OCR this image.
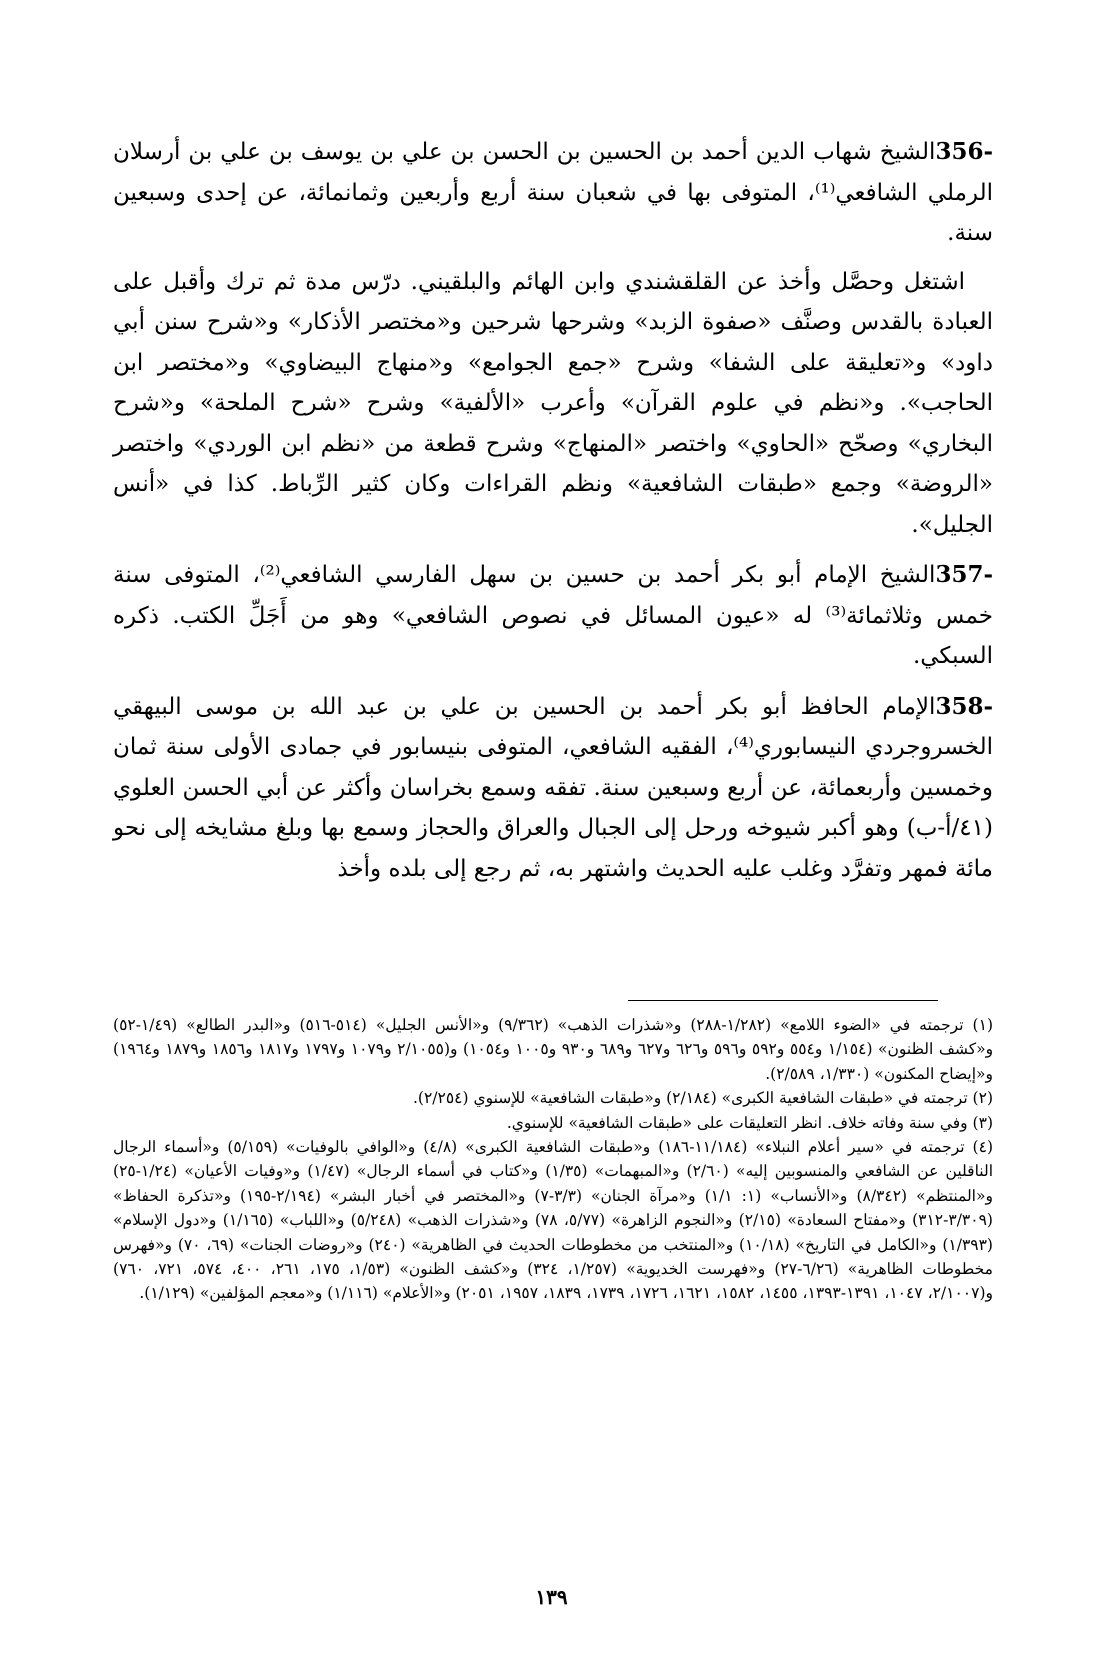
356-الشيخ شهاب الدين أحمد بن الحسين بن الحسن بن علي بن يوسف بن علي بن أرسلان الرملي الشافعي⁽¹⁾، المتوفى بها في شعبان سنة أربع وأربعين وثمانمائة، عن إحدى وسبعين سنة.

اشتغل وحصَّل وأخذ عن القلقشندي وابن الهائم والبلقيني. درّس مدة ثم ترك وأقبل على العبادة بالقدس وصنَّف «صفوة الزبد» وشرحها شرحين و«مختصر الأذكار» و«شرح سنن أبي داود» و«تعليقة على الشفا» وشرح «جمع الجوامع» و«منهاج البيضاوي» و«مختصر ابن الحاجب». و«نظم في علوم القرآن» وأعرب «الألفية» وشرح «شرح الملحة» و«شرح البخاري» وصحّح «الحاوي» واختصر «المنهاج» وشرح قطعة من «نظم ابن الوردي» واختصر «الروضة» وجمع «طبقات الشافعية» ونظم القراءات وكان كثير الرِّباط. كذا في «أنس الجليل».

357-الشيخ الإمام أبو بكر أحمد بن حسين بن سهل الفارسي الشافعي⁽²⁾، المتوفى سنة خمس وثلاثمائة⁽³⁾ له «عيون المسائل في نصوص الشافعي» وهو من أَجَلِّ الكتب. ذكره السبكي.

358-الإمام الحافظ أبو بكر أحمد بن الحسين بن علي بن عبد الله بن موسى البيهقي الخسروجردي النيسابوري⁽⁴⁾، الفقيه الشافعي، المتوفى بنيسابور في جمادى الأولى سنة ثمان وخمسين وأربعمائة، عن أربع وسبعين سنة. تفقه وسمع بخراسان وأكثر عن أبي الحسن العلوي (٤١/أ-ب) وهو أكبر شيوخه ورحل إلى الجبال والعراق والحجاز وسمع بها وبلغ مشايخه إلى نحو مائة فمهر وتفرَّد وغلب عليه الحديث واشتهر به، ثم رجع إلى بلده وأخذ

(١) ترجمته في «الضوء اللامع» (١/٢٨٢-٢٨٨) و«شذرات الذهب» (٩/٣٦٢) و«الأنس الجليل» (٥١٤-٥١٦) و«البدر الطالع» (١/٤٩-٥٢) و«كشف الظنون» (١/١٥٤ و٥٥٤ و٥٩٢ و٥٩٦ و٦٢٦ و٦٢٧ و٦٨٩ و٩٣٠ و١٠٠٥ و١٠٥٤) و(٢/١٠٥٥ و١٠٧٩ و١٧٩٧ و١٨١٧ و١٨٥٦ و١٨٧٩ و١٩٦٤) و«إيضاح المكنون» (١/٣٣٠، ٢/٥٨٩).

(٢) ترجمته في «طبقات الشافعية الكبرى» (٢/١٨٤) و«طبقات الشافعية» للإسنوي (٢/٢٥٤).

(٣) وفي سنة وفاته خلاف. انظر التعليقات على «طبقات الشافعية» للإسنوي.

(٤) ترجمته في «سير أعلام النبلاء» (١١/١٨٤-١٨٦) و«طبقات الشافعية الكبرى» (٤/٨) و«الوافي بالوفيات» (٥/١٥٩) و«أسماء الرجال الناقلين عن الشافعي والمنسوبين إليه» (٢/٦٠) و«المبهمات» (١/٣٥) و«كتاب في أسماء الرجال» (١/٤٧) و«وفيات الأعيان» (١/٢٤-٢٥) و«المنتظم» (٨/٣٤٢) و«الأنساب» (١: ١/١) و«مرآة الجنان» (٣/٣-٧) و«المختصر في أخبار البشر» (٢/١٩٤-١٩٥) و«تذكرة الحفاظ» (٣/٣٠٩-٣١٢) و«مفتاح السعادة» (٢/١٥) و«النجوم الزاهرة» (٥/٧٧، ٧٨) و«شذرات الذهب» (٥/٢٤٨) و«اللباب» (١/١٦٥) و«دول الإسلام» (١/٣٩٣) و«الكامل في التاريخ» (١٠/١٨) و«المنتخب من مخطوطات الحديث في الظاهرية» (٢٤٠) و«روضات الجنات» (٦٩، ٧٠) و«فهرس مخطوطات الظاهرية» (٦/٢٦-٢٧) و«فهرست الخديوية» (١/٢٥٧، ٣٢٤) و«كشف الظنون» (١/٥٣، ١٧٥، ٢٦١، ٤٠٠، ٥٧٤، ٧٢١، ٧٦٠) و(٢/١٠٠٧، ١٠٤٧، ١٣٩١-١٣٩٣، ١٤٥٥، ١٥٨٢، ١٦٢١، ١٧٢٦، ١٧٣٩، ١٨٣٩، ١٩٥٧، ٢٠٥١) و«الأعلام» (١/١١٦) و«معجم المؤلفين» (١/١٢٩).

١٣٩
